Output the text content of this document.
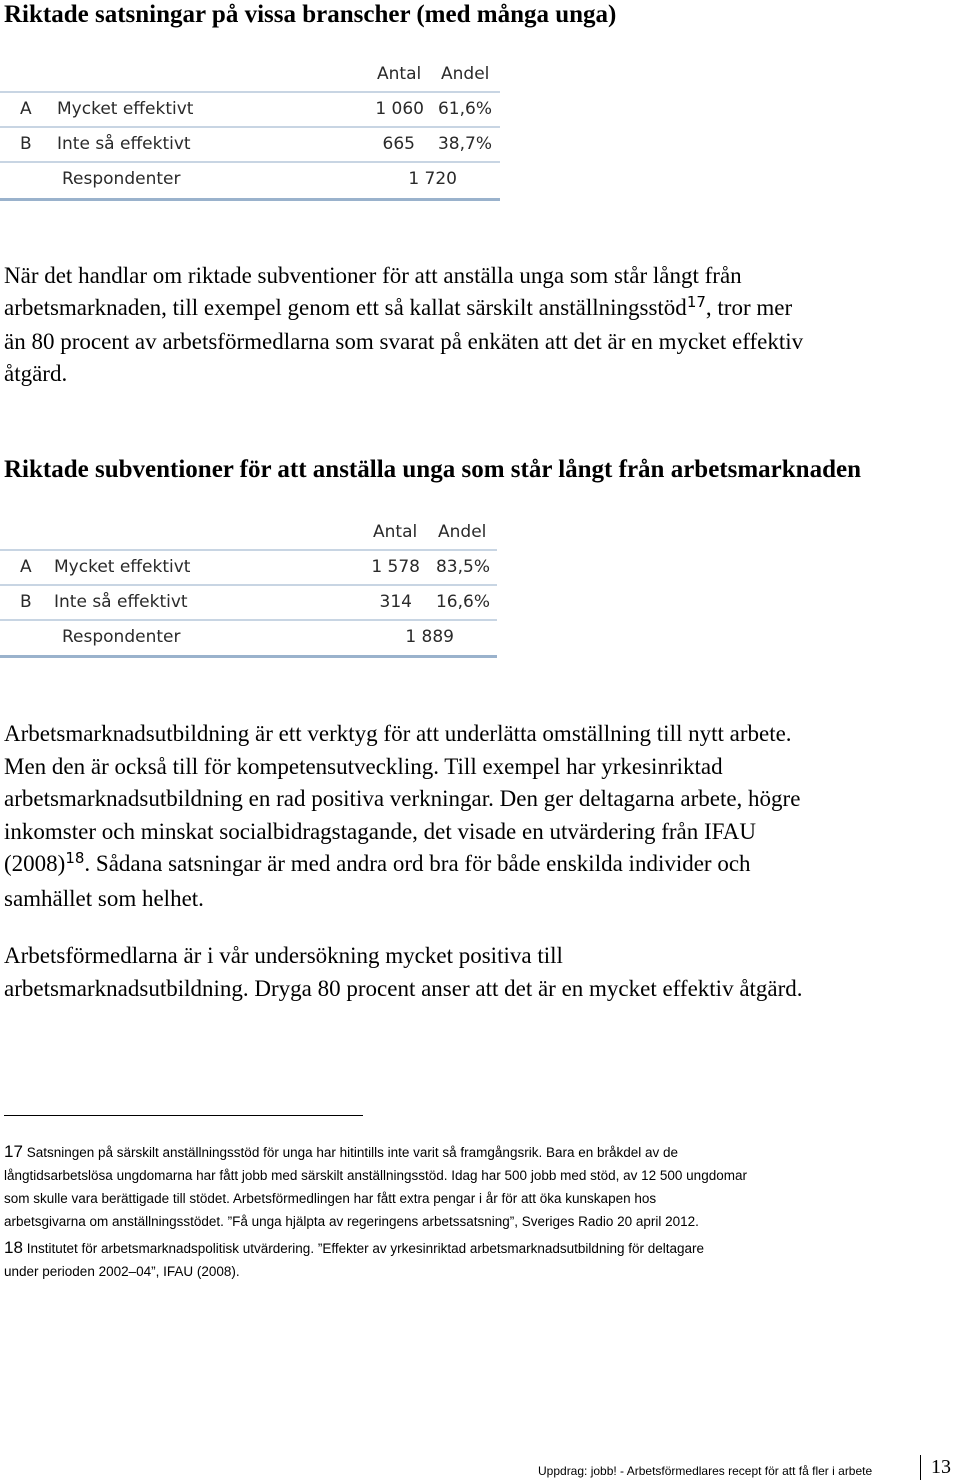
Riktade satsningar på vissa branscher (med många unga)
Antal Andel
A Mycket effektivt	1 060 61,6%
B Inte så effektivt	665	38,7%
Respondenter	1 720
När det handlar om riktade subventioner för att anställa unga som står långt från
arbetsmarknaden, till exempel genom ett så kallat särskilt anställningsstöd$^{17}$, tror mer
än 80 procent av arbetsförmedlarna som svarat på enkäten att det är en mycket effektiv
åtgärd.
Riktade subventioner för att anställa unga som står långt från arbetsmarknaden
Antal Andel
A Mycket effektivt	1 578 83,5%
B Inte så effektivt	314	16,6%
Respondenter	1 889
Arbetsmarknadsutbildning är ett verktyg för att underlätta omställning till nytt arbete.
Men den är också till för kompetensutveckling. Till exempel har yrkesinriktad
arbetsmarknadsutbildning en rad positiva verkningar. Den ger deltagarna arbete, högre
inkomster och minskat socialbidragstagande, det visade en utvärdering från IFAU
$(2008)^{18}$. Sådana satsningar är med andra ord bra för både enskilda individer och
samhället som helhet.
Arbetsförmedlarna är i vår undersökning mycket positiva till
arbetsmarknadsutbildning. Dryga 80 procent anser att det är en mycket effektiv åtgärd.
17 Satsningen på särskilt anställningsstöd för unga har hitintills inte varit så framgångsrik. Bara en bråkdel av de
långtidsarbetslösa ungdomarna har fått jobb med särskilt anställningsstöd. Idag har 500 jobb med stöd, av 12 500 ungdomar
som skulle vara berättigade till stödet. Arbetsförmedlingen har fått extra pengar i år för att öka kunskapen hos
arbetsgivarna om anställningsstödet. ”Få unga hjälpta av regeringens arbetssatsning”, Sveriges Radio 20 april 2012.
18 Institutet för arbetsmarknadspolitisk utvärdering. ”Effekter av yrkesinriktad arbetsmarknadsutbildning för deltagare
under perioden 2002–04”, IFAU (2008).
Uppdrag: jobb! - Arbetsförmedlares recept för att få fler i arbete	13
